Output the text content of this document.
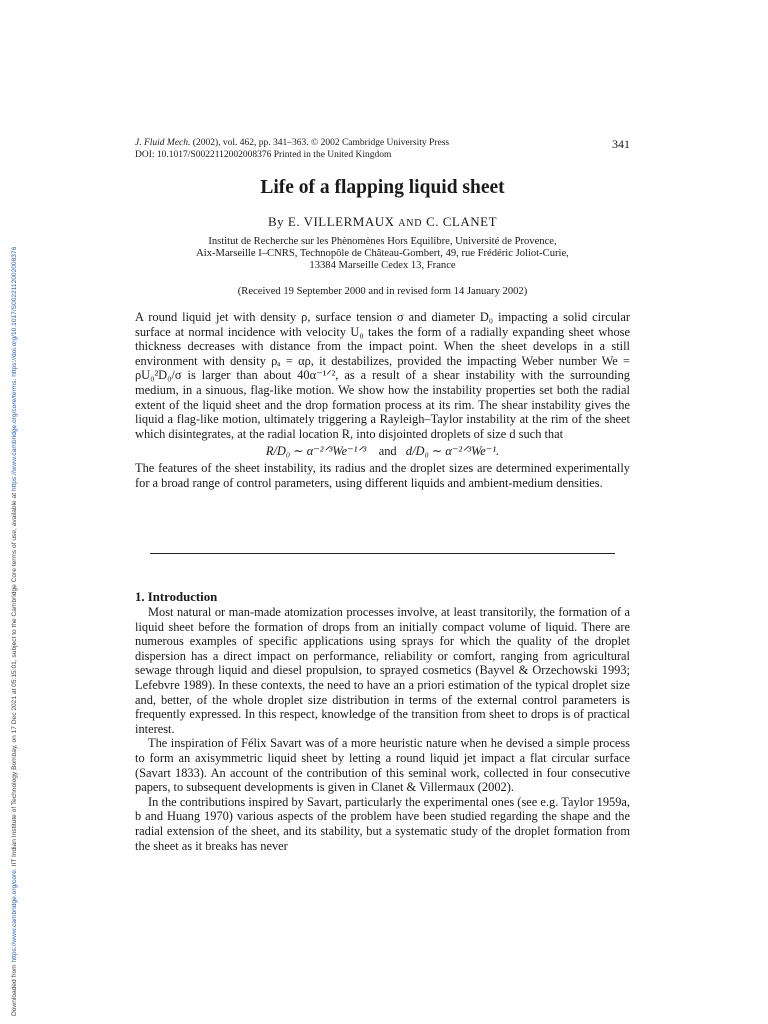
Downloaded from https://www.cambridge.org/core. IIT Indian Institute of Technology Bombay, on 17 Dec 2021 at 05:15:01, subject to the Cambridge Core terms of use, available at https://www.cambridge.org/core/terms. https://doi.org/10.1017/S0022112002008376
J. Fluid Mech. (2002), vol. 462, pp. 341–363. © 2002 Cambridge University Press
DOI: 10.1017/S0022112002008376 Printed in the United Kingdom
341
Life of a flapping liquid sheet

By E. VILLERMAUX AND C. CLANET

Institut de Recherche sur les Phènomènes Hors Equilibre, Université de Provence,
Aix-Marseille I–CNRS, Technopôle de Château-Gombert, 49, rue Frédéric Joliot-Curie,
13384 Marseille Cedex 13, France
(Received 19 September 2000 and in revised form 14 January 2002)

A round liquid jet with density ρ, surface tension σ and diameter D₀ impacting a solid circular surface at normal incidence with velocity U₀ takes the form of a radially expanding sheet whose thickness decreases with distance from the impact point. When the sheet develops in a still environment with density ρₐ = αρ, it destabilizes, provided the impacting Weber number We = ρU₀²D₀/σ is larger than about 40α⁻¹ᐟ², as a result of a shear instability with the surrounding medium, in a sinuous, flag-like motion. We show how the instability properties set both the radial extent of the liquid sheet and the drop formation process at its rim. The shear instability gives the liquid a flag-like motion, ultimately triggering a Rayleigh–Taylor instability at the rim of the sheet which disintegrates, at the radial location R, into disjointed droplets of size d such that

R/D₀ ∼ α⁻²ᐟ³We⁻¹ᐟ³ and d/D₀ ∼ α⁻²ᐟ³We⁻¹.

The features of the sheet instability, its radius and the droplet sizes are determined experimentally for a broad range of control parameters, using different liquids and ambient-medium densities.

1. Introduction

Most natural or man-made atomization processes involve, at least transitorily, the formation of a liquid sheet before the formation of drops from an initially compact volume of liquid. There are numerous examples of specific applications using sprays for which the quality of the droplet dispersion has a direct impact on performance, reliability or comfort, ranging from agricultural sewage through liquid and diesel propulsion, to sprayed cosmetics (Bayvel & Orzechowski 1993; Lefebvre 1989). In these contexts, the need to have an a priori estimation of the typical droplet size and, better, of the whole droplet size distribution in terms of the external control parameters is frequently expressed. In this respect, knowledge of the transition from sheet to drops is of practical interest.

The inspiration of Félix Savart was of a more heuristic nature when he devised a simple process to form an axisymmetric liquid sheet by letting a round liquid jet impact a flat circular surface (Savart 1833). An account of the contribution of this seminal work, collected in four consecutive papers, to subsequent developments is given in Clanet & Villermaux (2002).

In the contributions inspired by Savart, particularly the experimental ones (see e.g. Taylor 1959a, b and Huang 1970) various aspects of the problem have been studied regarding the shape and the radial extension of the sheet, and its stability, but a systematic study of the droplet formation from the sheet as it breaks has never
